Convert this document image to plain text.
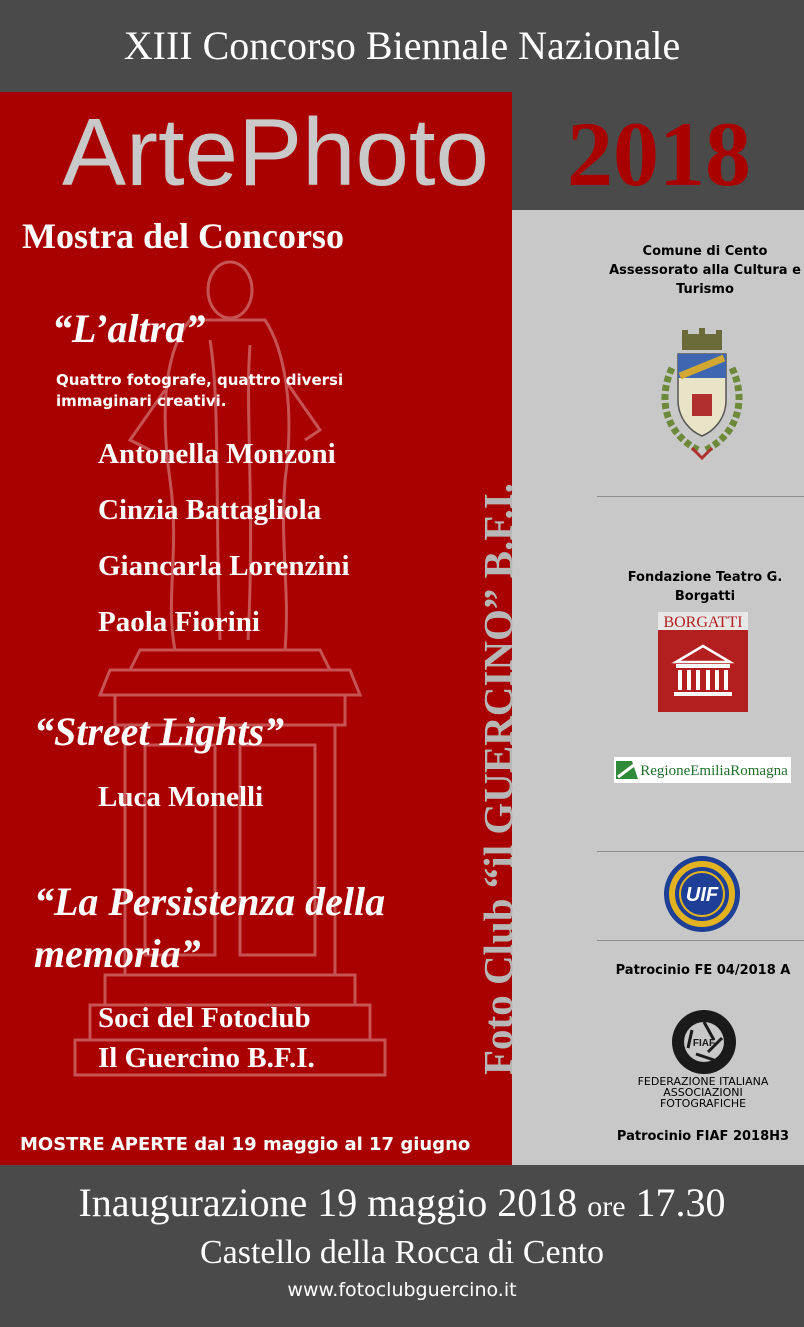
XIII Concorso Biennale Nazionale
ArtePhoto 2018
Foto Club “il GUERCINO” B.F.I.
Mostra del Concorso
“L’altra”
Quattro fotografe, quattro diversi immaginari creativi.
Antonella Monzoni
Cinzia Battagliola
Giancarla Lorenzini
Paola Fiorini
“Street Lights”
Luca Monelli
“La Persistenza della memoria”
Soci del Fotoclub
Il Guercino B.F.I.
MOSTRE APERTE dal 19 maggio al 17 giugno
Comune di Cento Assessorato alla Cultura e Turismo
Fondazione Teatro G. Borgatti
BORGATTI
RegioneEmiliaRomagna
UIF
Patrocinio FE 04/2018 A
FIAF
FEDERAZIONE ITALIANA ASSOCIAZIONI FOTOGRAFICHE
Patrocinio FIAF 2018H3
Inaugurazione 19 maggio 2018 ore 17.30
Castello della Rocca di Cento
www.fotoclubguercino.it
